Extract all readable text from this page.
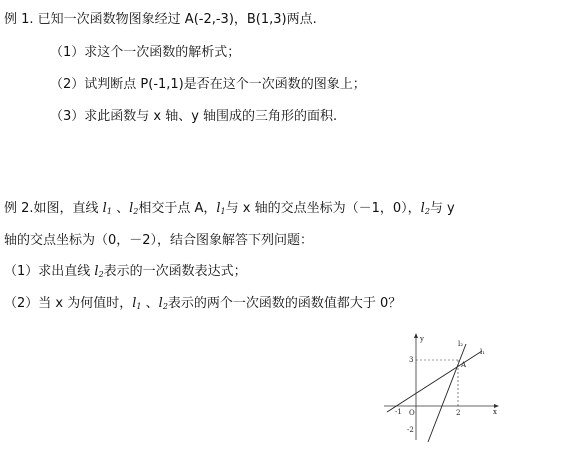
例 1. 已知一次函数物图象经过 A(-2,-3)，B(1,3)两点.
（1）求这个一次函数的解析式；
（2）试判断点 P(-1,1)是否在这个一次函数的图象上；
（3）求此函数与 x 轴、y 轴围成的三角形的面积.
例 2.如图，直线 $l_1$ 、$l_2$相交于点 A，$l_1$与 x 轴的交点坐标为（－1，0），$l_2$与 y
轴的交点坐标为（0，－2），结合图象解答下列问题：
（1）求出直线 $l_2$表示的一次函数表达式；
（2）当 x 为何值时，$l_1$ 、$l_2$表示的两个一次函数的函数值都大于 0？
l₂
l₁
A
3
-2
-1 O	2	x
y
